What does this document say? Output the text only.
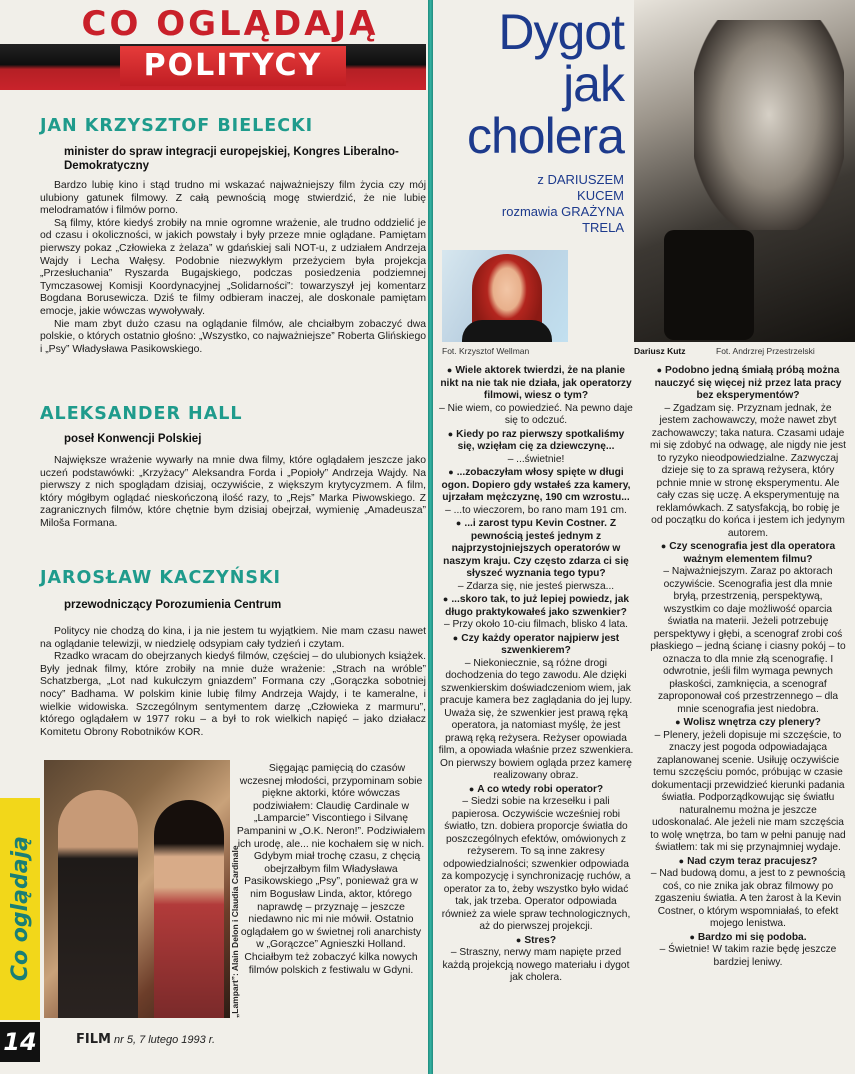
CO OGLĄDAJĄ
POLITYCY
JAN KRZYSZTOF BIELECKI
minister do spraw integracji europejskiej, Kongres Liberalno-Demokratyczny

Bardzo lubię kino i stąd trudno mi wskazać najważniejszy film życia czy mój ulubiony gatunek filmowy. Z całą pewnością mogę stwierdzić, że nie lubię melodramatów i filmów porno.

Są filmy, które kiedyś zrobiły na mnie ogromne wrażenie, ale trudno oddzielić je od czasu i okoliczności, w jakich powstały i były przeze mnie oglądane. Pamiętam pierwszy pokaz „Człowieka z żelaza” w gdańskiej sali NOT-u, z udziałem Andrzeja Wajdy i Lecha Wałęsy. Podobnie niezwykłym przeżyciem była projekcja „Przesłuchania” Ryszarda Bugajskiego, podczas posiedzenia podziemnej Tymczasowej Komisji Koordynacyjnej „Solidarności”: towarzyszył jej komentarz Bogdana Borusewicza. Dziś te filmy odbieram inaczej, ale doskonale pamiętam emocje, jakie wówczas wywoływały.

Nie mam zbyt dużo czasu na oglądanie filmów, ale chciałbym zobaczyć dwa polskie, o których ostatnio głośno: „Wszystko, co najważniejsze” Roberta Glińskiego i „Psy” Władysława Pasikowskiego.

ALEKSANDER HALL
poseł Konwencji Polskiej

Największe wrażenie wywarły na mnie dwa filmy, które oglądałem jeszcze jako uczeń podstawówki: „Krzyżacy” Aleksandra Forda i „Popioły” Andrzeja Wajdy. Na pierwszy z nich spoglądam dzisiaj, oczywiście, z większym krytycyzmem. A film, który mógłbym oglądać nieskończoną ilość razy, to „Rejs” Marka Piwowskiego. Z zagranicznych filmów, które chętnie bym dzisiaj obejrzał, wymienię „Amadeusza” Miloša Formana.

JAROSŁAW KACZYŃSKI
przewodniczący Porozumienia Centrum

Politycy nie chodzą do kina, i ja nie jestem tu wyjątkiem. Nie mam czasu nawet na oglądanie telewizji, w niedzielę odsypiam cały tydzień i czytam.

Rzadko wracam do obejrzanych kiedyś filmów, częściej – do ulubionych książek. Były jednak filmy, które zrobiły na mnie duże wrażenie: „Strach na wróble” Schatzberga, „Lot nad kukułczym gniazdem” Formana czy „Gorączka sobotniej nocy” Badhama. W polskim kinie lubię filmy Andrzeja Wajdy, i te kameralne, i wielkie widowiska. Szczególnym sentymentem darzę „Człowieka z marmuru”, którego oglądałem w 1977 roku – a był to rok wielkich napięć – jako działacz Komitetu Obrony Robotników KOR.

Sięgając pamięcią do czasów wczesnej młodości, przypominam sobie piękne aktorki, które wówczas podziwiałem: Claudię Cardinale w „Lamparcie” Viscontiego i Silvanę Pampanini w „O.K. Neron!”. Podziwiałem ich urodę, ale... nie kochałem się w nich.

Gdybym miał trochę czasu, z chęcią obejrzałbym film Władysława Pasikowskiego „Psy”, ponieważ gra w nim Bogusław Linda, aktor, którego naprawdę – przyznaję – jeszcze niedawno nic mi nie mówił. Ostatnio oglądałem go w świetnej roli anarchisty w „Gorączce” Agnieszki Holland. Chciałbym też zobaczyć kilka nowych filmów polskich z festiwalu w Gdyni.

„Lampart”: Alain Delon i Claudia Cardinale
Co oglądają
14	FILM nr 5, 7 lutego 1993 r.
Dygot
jak
cholera
z DARIUSZEM
KUCEM
rozmawia GRAŻYNA
TRELA
Fot. Krzysztof Wellman	Dariusz Kutz	Fot. Andrzrej Przestrzelski
● Wiele aktorek twierdzi, że na planie nikt na nie tak nie działa, jak operatorzy filmowi, wiesz o tym?
– Nie wiem, co powiedzieć. Na pewno daje się to odczuć.
● Kiedy po raz pierwszy spotkaliśmy się, wzięłam cię za dziewczynę...
– ...świetnie!
● ...zobaczyłam włosy spięte w długi ogon. Dopiero gdy wstałeś zza kamery, ujrzałam mężczyznę, 190 cm wzrostu...
– ...to wieczorem, bo rano mam 191 cm.
● ...i zarost typu Kevin Costner. Z pewnością jesteś jednym z najprzystojniejszych operatorów w naszym kraju. Czy często zdarza ci się słyszeć wyznania tego typu?
– Zdarza się, nie jesteś pierwsza...
● ...skoro tak, to już lepiej powiedz, jak długo praktykowałeś jako szwenkier?
– Przy około 10-ciu filmach, blisko 4 lata.
● Czy każdy operator najpierw jest szwenkierem?
– Niekoniecznie, są różne drogi dochodzenia do tego zawodu. Ale dzięki szwenkierskim doświadczeniom wiem, jak pracuje kamera bez zaglądania do jej lupy. Uważa się, że szwenkier jest prawą ręką operatora, ja natomiast myślę, że jest prawą ręką reżysera. Reżyser opowiada film, a opowiada właśnie przez szwenkiera. On pierwszy bowiem ogląda przez kamerę realizowany obraz.
● A co wtedy robi operator?
– Siedzi sobie na krzesełku i pali papierosa. Oczywiście wcześniej robi światło, tzn. dobiera proporcje światła do poszczególnych efektów, omówionych z reżyserem. To są inne zakresy odpowiedzialności; szwenkier odpowiada za kompozycję i synchronizację ruchów, a operator za to, żeby wszystko było widać tak, jak trzeba. Operator odpowiada również za wiele spraw technologicznych, aż do pierwszej projekcji.
● Stres?
– Straszny, nerwy mam napięte przed każdą projekcją nowego materiału i dygot jak cholera.
● Podobno jedną śmiałą próbą można nauczyć się więcej niż przez lata pracy bez eksperymentów?
– Zgadzam się. Przyznam jednak, że jestem zachowawczy, może nawet zbyt zachowawczy; taka natura. Czasami udaje mi się zdobyć na odwagę, ale nigdy nie jest to ryzyko nieodpowiedzialne. Zazwyczaj dzieje się to za sprawą reżysera, który pchnie mnie w stronę eksperymentu. Ale cały czas się uczę. A eksperymentuję na reklamówkach. Z satysfakcją, bo robię je od początku do końca i jestem ich jedynym autorem.
● Czy scenografia jest dla operatora ważnym elementem filmu?
– Najważniejszym. Zaraz po aktorach oczywiście. Scenografia jest dla mnie bryłą, przestrzenią, perspektywą, wszystkim co daje możliwość oparcia światła na materii. Jeżeli potrzebuję perspektywy i głębi, a scenograf zrobi coś płaskiego – jedną ścianę i ciasny pokój – to oznacza to dla mnie złą scenografię. I odwrotnie, jeśli film wymaga pewnych płaskości, zamknięcia, a scenograf zaproponował coś przestrzennego – dla mnie scenografia jest niedobra.
● Wolisz wnętrza czy plenery?
– Plenery, jeżeli dopisuje mi szczęście, to znaczy jest pogoda odpowiadająca zaplanowanej scenie. Usiłuję oczywiście temu szczęściu pomóc, próbując w czasie dokumentacji przewidzieć kierunki padania światła. Podporządkowując się światłu naturalnemu można je jeszcze udoskonalać. Ale jeżeli nie mam szczęścia to wolę wnętrza, bo tam w pełni panuję nad światłem: tak mi się przynajmniej wydaje.
● Nad czym teraz pracujesz?
– Nad budową domu, a jest to z pewnością coś, co nie znika jak obraz filmowy po zgaszeniu światła. A ten żarost à la Kevin Costner, o którym wspomniałaś, to efekt mojego lenistwa.
● Bardzo mi się podoba.
– Świetnie! W takim razie będę jeszcze bardziej leniwy.
